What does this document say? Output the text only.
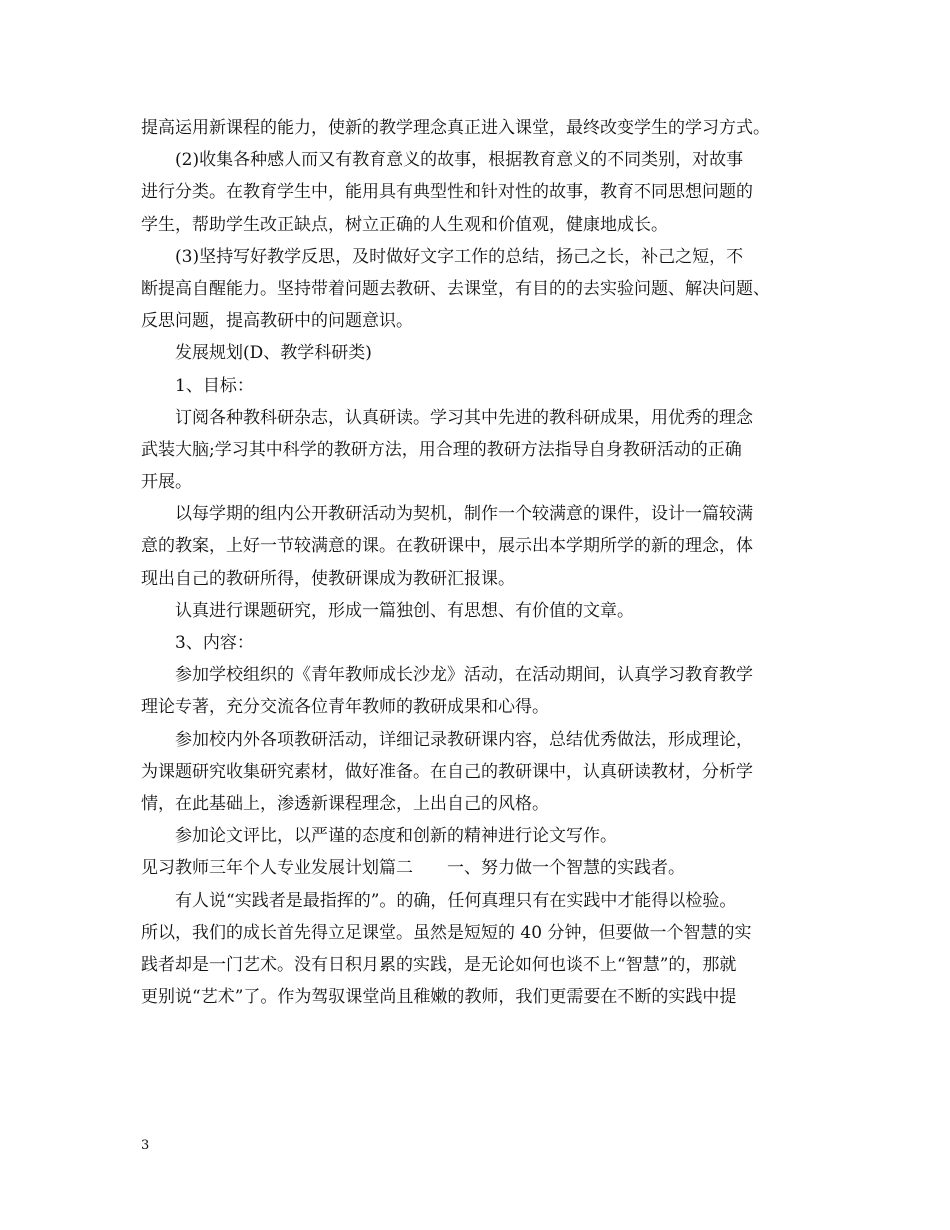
提高运用新课程的能力，使新的教学理念真正进入课堂，最终改变学生的学习方式。
(2)收集各种感人而又有教育意义的故事，根据教育意义的不同类别，对故事
进行分类。在教育学生中，能用具有典型性和针对性的故事，教育不同思想问题的
学生，帮助学生改正缺点，树立正确的人生观和价值观，健康地成长。
(3)坚持写好教学反思，及时做好文字工作的总结，扬己之长，补己之短，不
断提高自醒能力。坚持带着问题去教研、去课堂，有目的的去实验问题、解决问题、
反思问题，提高教研中的问题意识。
发展规划(D、教学科研类)
1、目标：
订阅各种教科研杂志，认真研读。学习其中先进的教科研成果，用优秀的理念
武装大脑;学习其中科学的教研方法，用合理的教研方法指导自身教研活动的正确
开展。
以每学期的组内公开教研活动为契机，制作一个较满意的课件，设计一篇较满
意的教案，上好一节较满意的课。在教研课中，展示出本学期所学的新的理念，体
现出自己的教研所得，使教研课成为教研汇报课。
认真进行课题研究，形成一篇独创、有思想、有价值的文章。
3、内容：
参加学校组织的《青年教师成长沙龙》活动，在活动期间，认真学习教育教学
理论专著，充分交流各位青年教师的教研成果和心得。
参加校内外各项教研活动，详细记录教研课内容，总结优秀做法，形成理论，
为课题研究收集研究素材，做好准备。在自己的教研课中，认真研读教材，分析学
情，在此基础上，渗透新课程理念，上出自己的风格。
参加论文评比，以严谨的态度和创新的精神进行论文写作。
见习教师三年个人专业发展计划篇二　　一、努力做一个智慧的实践者。
有人说“实践者是最指挥的”。的确，任何真理只有在实践中才能得以检验。
所以，我们的成长首先得立足课堂。虽然是短短的 40 分钟，但要做一个智慧的实
践者却是一门艺术。没有日积月累的实践，是无论如何也谈不上“智慧”的，那就
更别说“艺术”了。作为驾驭课堂尚且稚嫩的教师，我们更需要在不断的实践中提
3
